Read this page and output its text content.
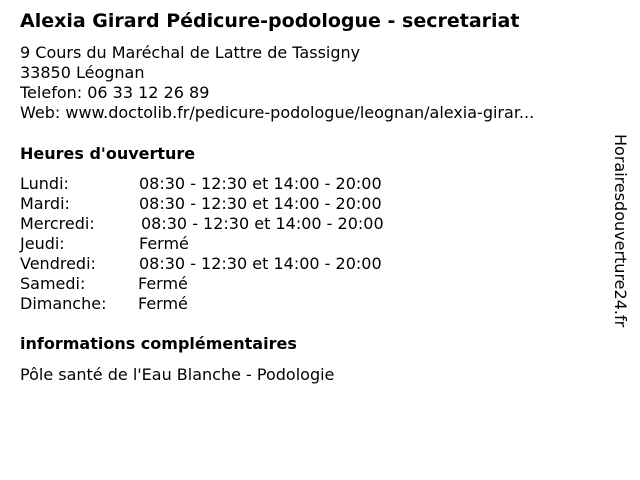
Alexia Girard Pédicure-podologue - secretariat
9 Cours du Maréchal de Lattre de Tassigny
33850 Léognan
Telefon: 06 33 12 26 89
Web: www.doctolib.fr/pedicure-podologue/leognan/alexia-girar...
Heures d'ouverture
Lundi:	08:30 - 12:30 et 14:00 - 20:00
Mardi:	08:30 - 12:30 et 14:00 - 20:00
Mercredi:	08:30 - 12:30 et 14:00 - 20:00
Jeudi:	Fermé
Vendredi:	08:30 - 12:30 et 14:00 - 20:00
Samedi:	Fermé
Dimanche: Fermé
informations complémentaires
Pôle santé de l'Eau Blanche - Podologie
Horairesdouverture24.fr
